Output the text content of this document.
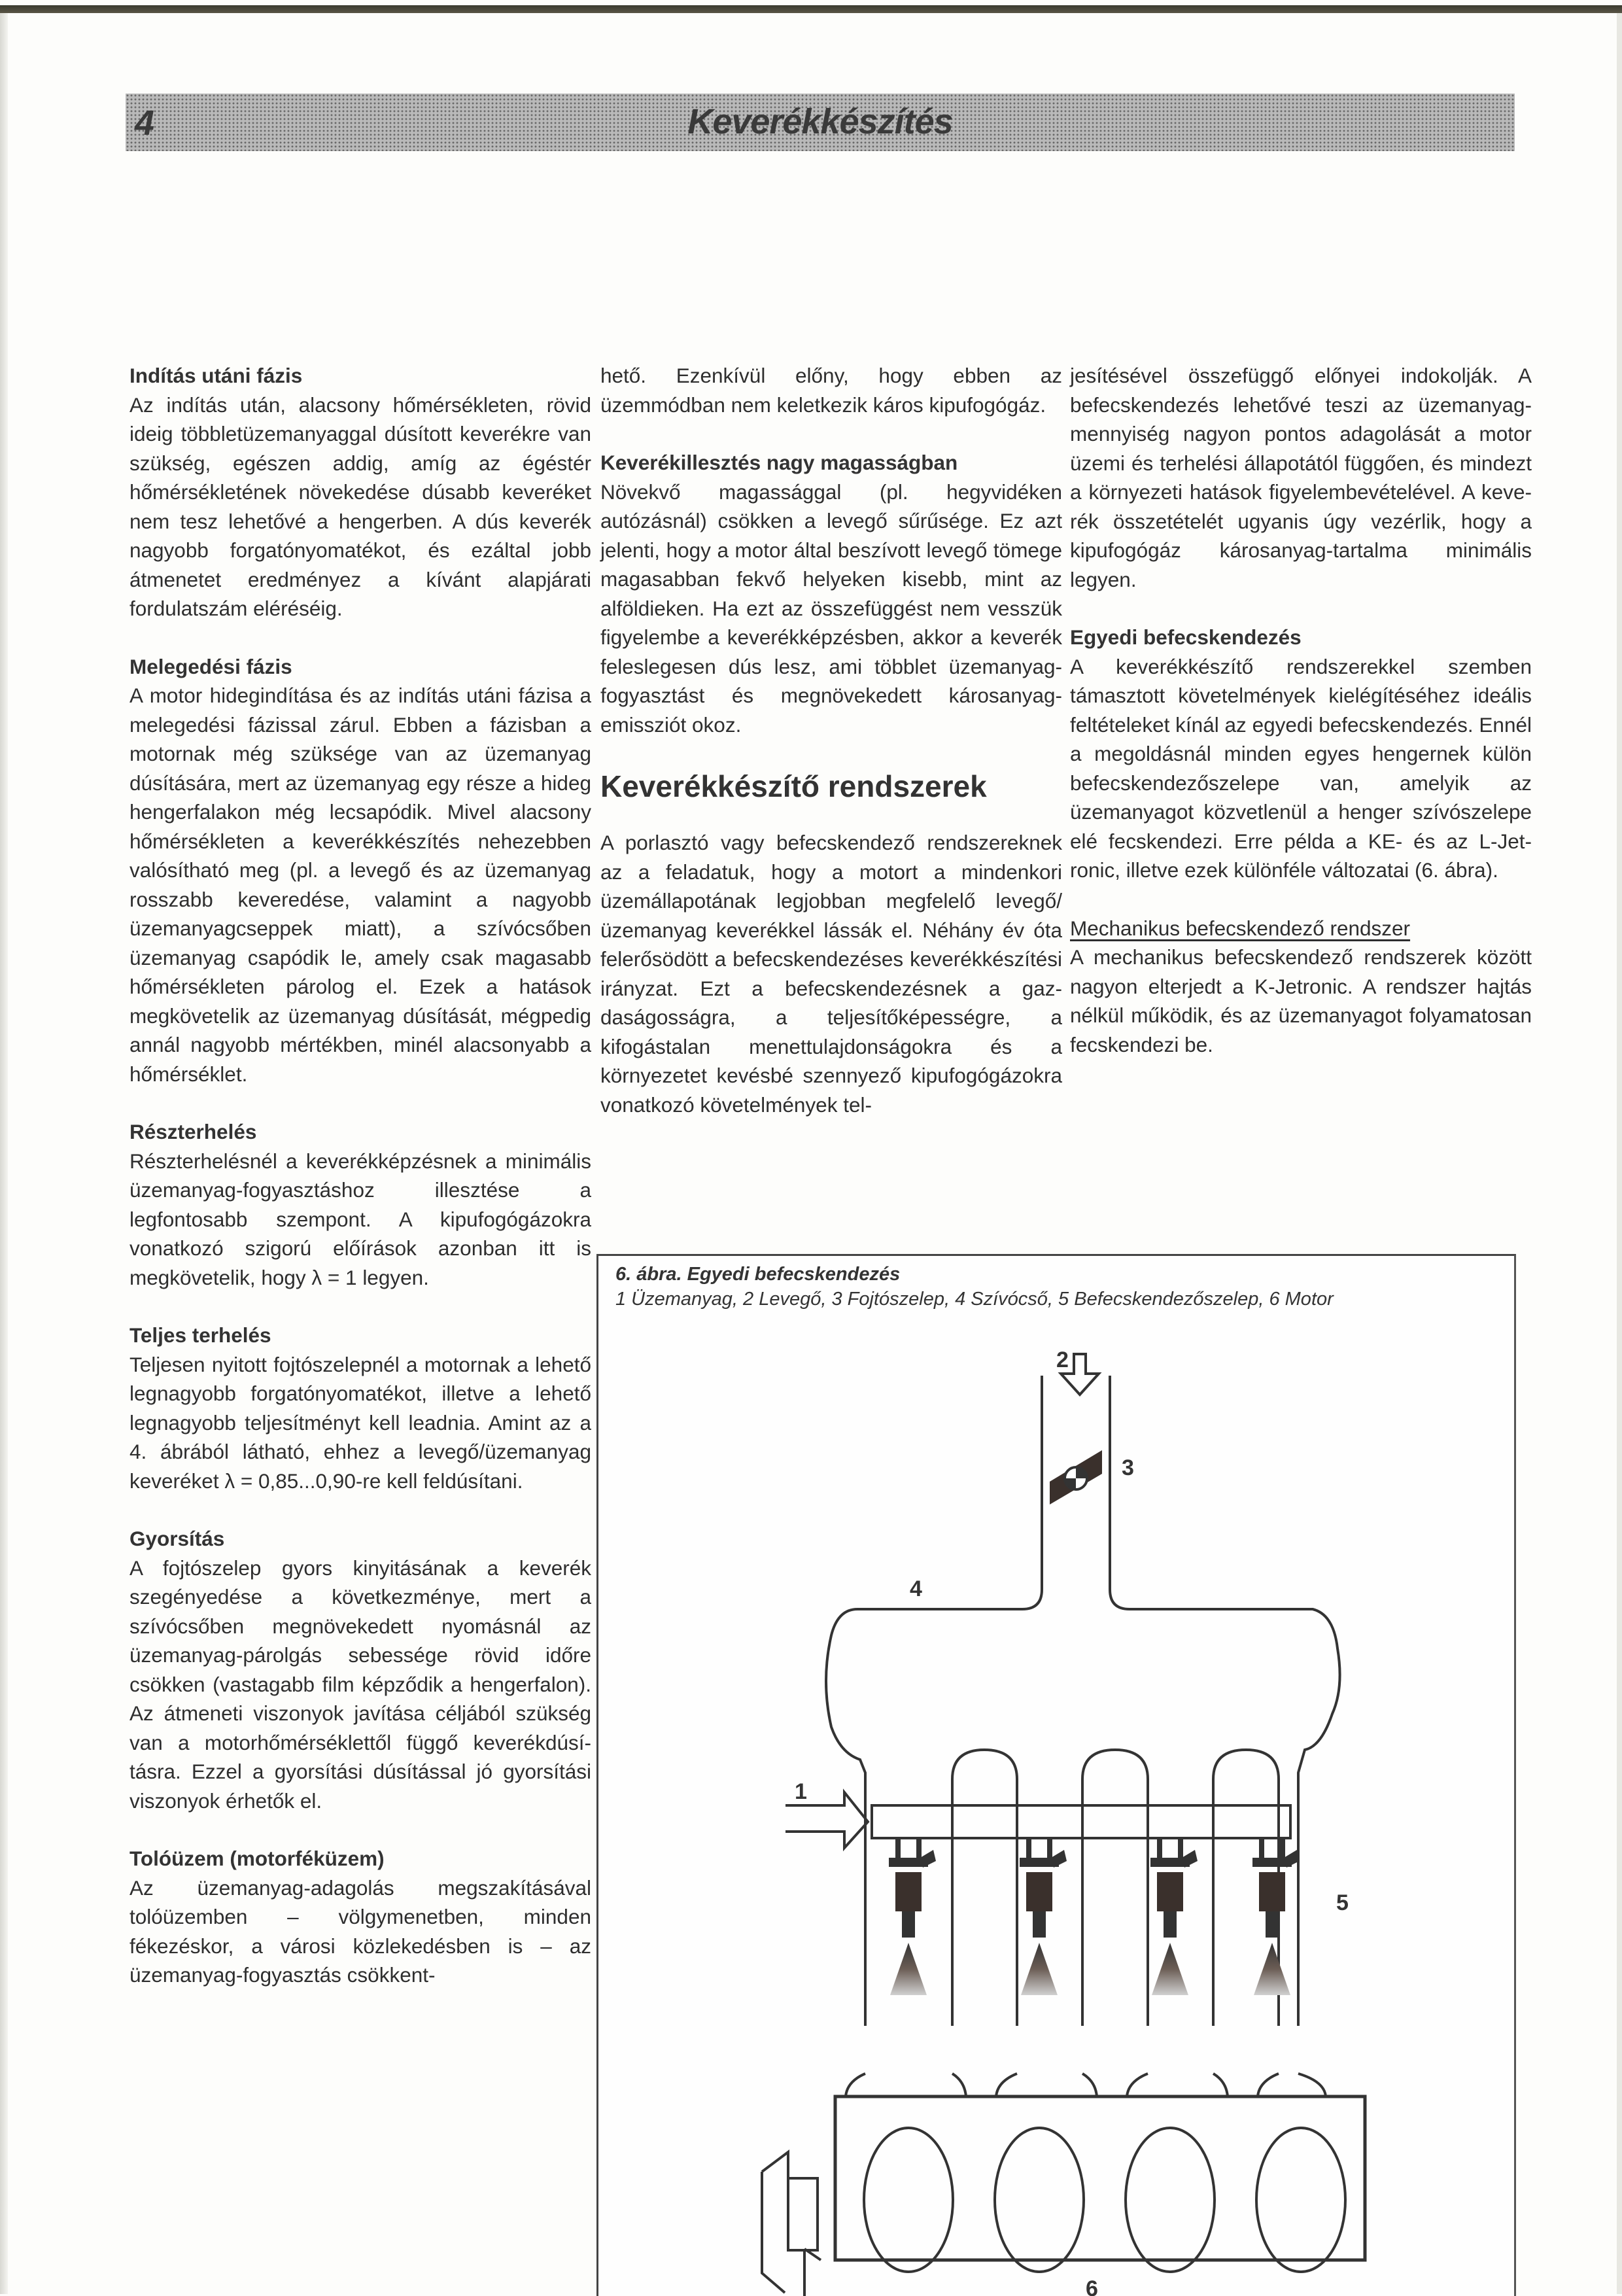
4	Keverékkészítés
Indítás utáni fázis

Az indítás után, alacsony hőmérsékleten, rövid ideig többletüzemanyaggal dúsított keverékre van szükség, egészen addig, amíg az égéstér hőmérsékletének növekedése dúsabb keveréket nem tesz lehetővé a hengerben. A dús keverék nagyobb forgatónyomatékot, és ezáltal jobb átmenetet eredményez a kívánt alapjárati fordulatszám eléréséig.

Melegedési fázis

A motor hidegindítása és az indítás utáni fázisa a melegedési fázissal zárul. Ebben a fázisban a motornak még szüksége van az üzemanyag dúsítására, mert az üzemanyag egy része a hideg hengerfalakon még lecsapódik. Mivel alacsony hőmérsékleten a keverékkészítés nehezebben valósítható meg (pl. a levegő és az üzemanyag rosszabb keveredése, valamint a nagyobb üzemanyagcseppek miatt), a szívócsőben üzemanyag csapódik le, amely csak magasabb hőmérsékleten párolog el. Ezek a hatások megkövetelik az üzemanyag dúsítását, mégpedig annál nagyobb mértékben, minél alacsonyabb a hőmérséklet.

Részterhelés

Részterhelésnél a keverékképzésnek a minimális üzemanyag-fogyasztáshoz illesztése a legfontosabb szempont. A kipufogógázokra vonatkozó szigorú előírások azonban itt is megkövetelik, hogy λ = 1 legyen.

Teljes terhelés

Teljesen nyitott fojtószelepnél a motornak a lehető legnagyobb forgatónyomatékot, illetve a lehető legnagyobb teljesítményt kell leadnia. Amint az a 4. ábrából látható, ehhez a levegő/üzemanyag keveréket λ = 0,85...0,90-re kell feldúsítani.

Gyorsítás

A fojtószelep gyors kinyitásának a keverék szegényedése a következménye, mert a szívócsőben megnövekedett nyomásnál az üzemanyag-párolgás sebessége rövid időre csökken (vastagabb film képződik a hengerfalon). Az átmeneti viszonyok javítása céljából szükség van a motorhőmérséklettől függő keverékdúsításra. Ezzel a gyorsítási dúsítással jó gyorsítási viszonyok érhetők el.

Tolóüzem (motorféküzem)

Az üzemanyag-adagolás megszakításával tolóüzemben – völgymenetben, minden fékezéskor, a városi közlekedésben is – az üzemanyag-fogyasztás csökkent-

hető. Ezenkívül előny, hogy ebben az üzemmódban nem keletkezik káros kipufogógáz.

Keverékillesztés nagy magasságban

Növekvő magassággal (pl. hegyvidéken autózásnál) csökken a levegő sűrűsége. Ez azt jelenti, hogy a motor által beszívott levegő tömege magasabban fekvő helyeken kisebb, mint az alföldieken. Ha ezt az összefüggést nem vesszük figyelembe a keverékképzésben, akkor a keverék feleslegesen dús lesz, ami többlet üzemanyag-fogyasztást és megnövekedett károsanyag-emissziót okoz.

Keverékkészítő rendszerek

A porlasztó vagy befecskendező rendszereknek az a feladatuk, hogy a motort a mindenkori üzemállapotának legjobban megfelelő levegő/üzemanyag keverékkel lássák el. Néhány év óta felerősödött a befecskendezéses keverékkészítési irányzat. Ezt a befecskendezésnek a gazdaságosságra, a teljesítőképességre, a kifogástalan menettulajdonságokra és a környezetet kevésbé szennyező kipufogógázokra vonatkozó követelmények tel-

jesítésével összefüggő előnyei indokolják. A befecskendezés lehetővé teszi az üzemanyag-mennyiség nagyon pontos adagolását a motor üzemi és terhelési állapotától függően, és mindezt a környezeti hatások figyelembevételével. A keverék összetételét ugyanis úgy vezérlik, hogy a kipufogógáz károsanyag-tartalma minimális legyen.

Egyedi befecskendezés

A keverékkészítő rendszerekkel szemben támasztott követelmények kielégítéséhez ideális feltételeket kínál az egyedi befecskendezés. Ennél a megoldásnál minden egyes hengernek külön befecskendezőszelepe van, amelyik az üzemanyagot közvetlenül a henger szívószelepe elé fecskendezi. Erre példa a KE- és az L-Jetronic, illetve ezek különféle változatai (6. ábra).

Mechanikus befecskendező rendszer

A mechanikus befecskendező rendszerek között nagyon elterjedt a K-Jetronic. A rendszer hajtás nélkül működik, és az üzemanyagot folyamatosan fecskendezi be.

6. ábra. Egyedi befecskendezés
1 Üzemanyag, 2 Levegő, 3 Fojtószelep, 4 Szívócső, 5 Befecskendezőszelep, 6 Motor
1
2
3
4
5
6
